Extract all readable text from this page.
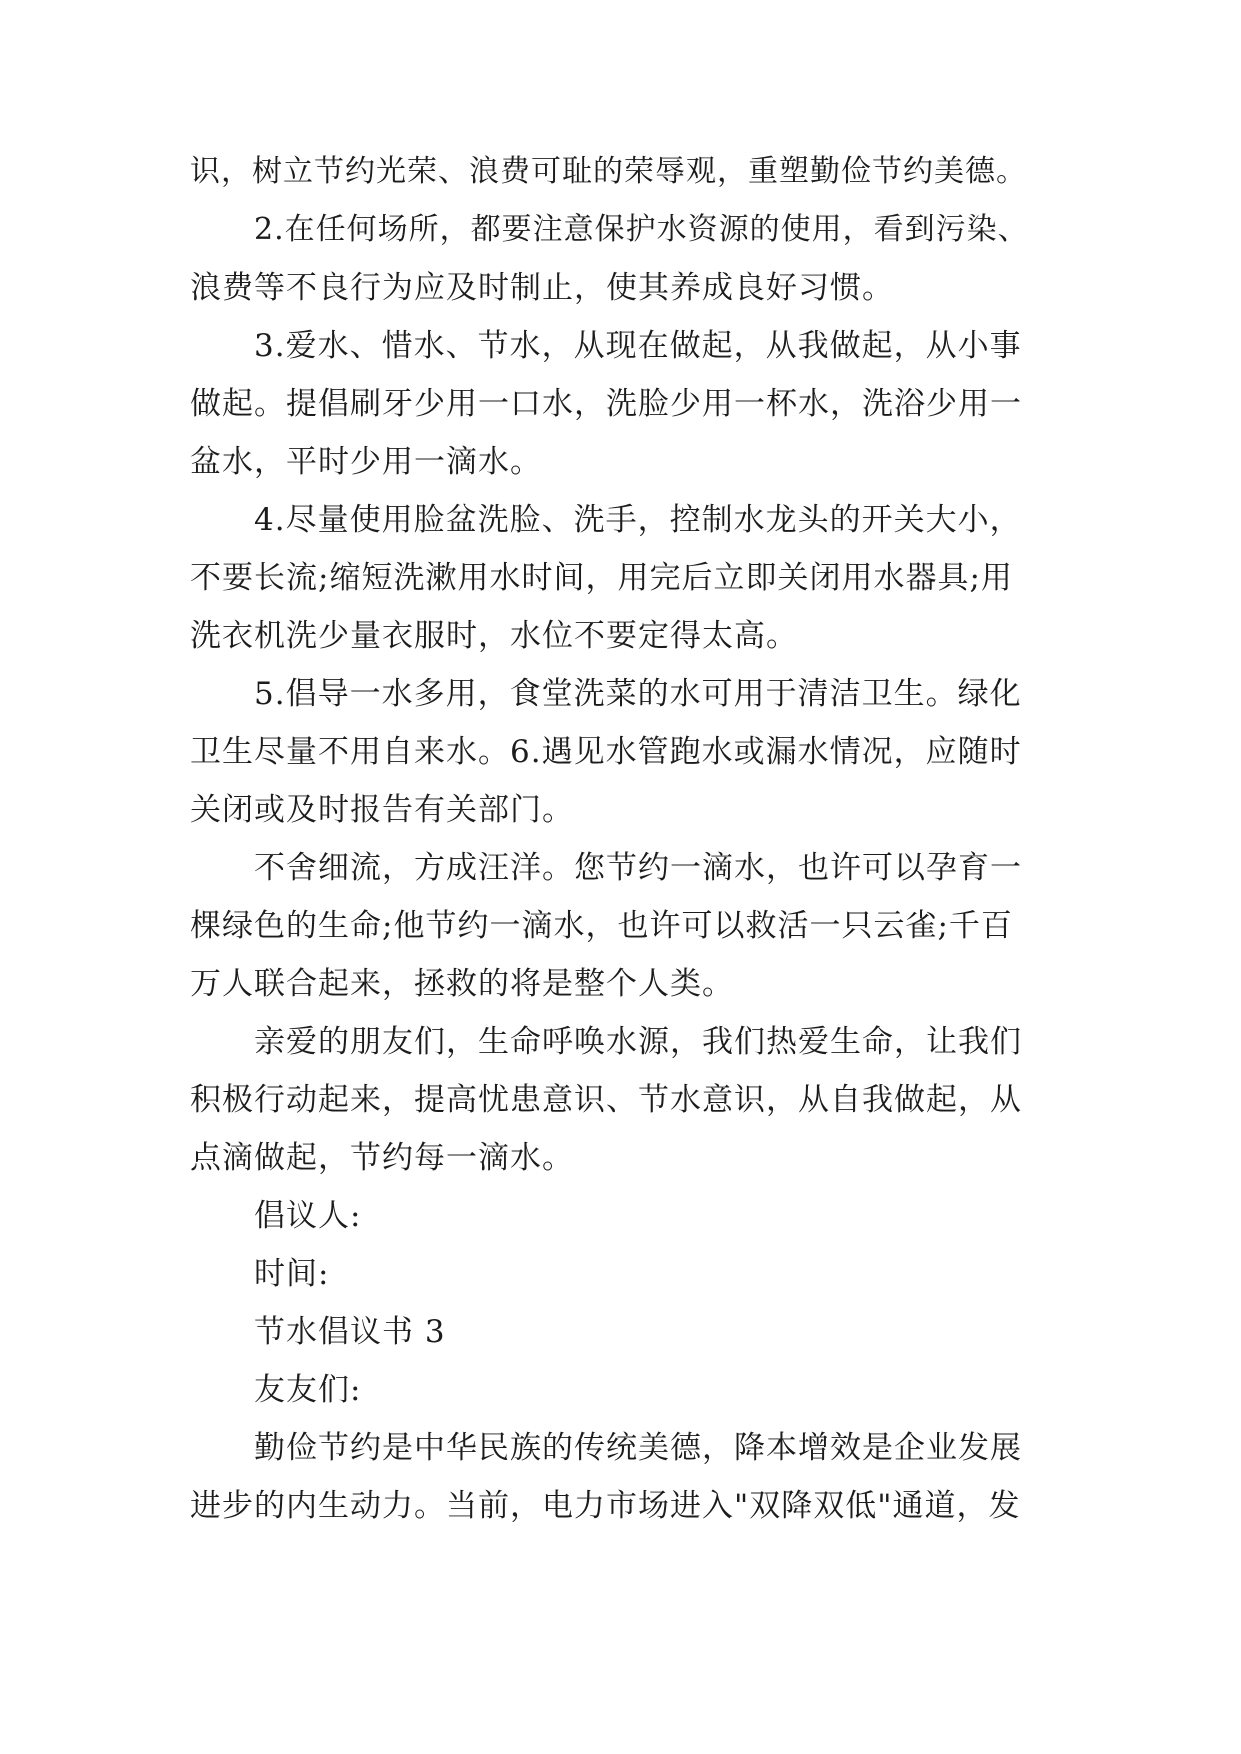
识，树立节约光荣、浪费可耻的荣辱观，重塑勤俭节约美德。
2.在任何场所，都要注意保护水资源的使用，看到污染、
浪费等不良行为应及时制止，使其养成良好习惯。
3.爱水、惜水、节水，从现在做起，从我做起，从小事
做起。提倡刷牙少用一口水，洗脸少用一杯水，洗浴少用一
盆水，平时少用一滴水。
4.尽量使用脸盆洗脸、洗手，控制水龙头的开关大小，
不要长流;缩短洗漱用水时间，用完后立即关闭用水器具;用
洗衣机洗少量衣服时，水位不要定得太高。
5.倡导一水多用，食堂洗菜的水可用于清洁卫生。绿化
卫生尽量不用自来水。6.遇见水管跑水或漏水情况，应随时
关闭或及时报告有关部门。
不舍细流，方成汪洋。您节约一滴水，也许可以孕育一
棵绿色的生命;他节约一滴水，也许可以救活一只云雀;千百
万人联合起来，拯救的将是整个人类。
亲爱的朋友们，生命呼唤水源，我们热爱生命，让我们
积极行动起来，提高忧患意识、节水意识，从自我做起，从
点滴做起，节约每一滴水。
倡议人:
时间:
节水倡议书 3
友友们:
勤俭节约是中华民族的传统美德，降本增效是企业发展
进步的内生动力。当前，电力市场进入"双降双低"通道，发
